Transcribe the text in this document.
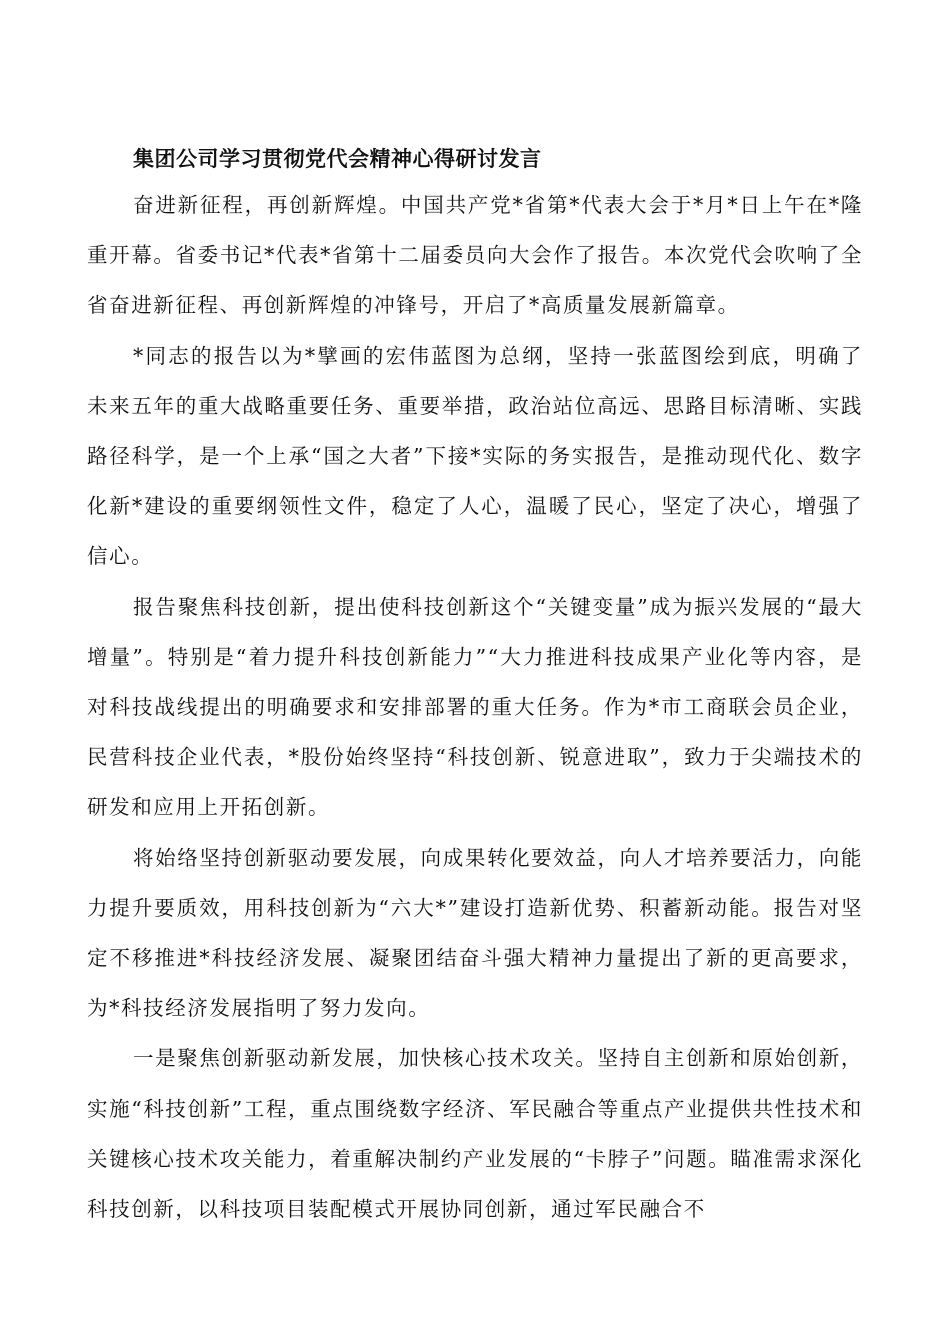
集团公司学习贯彻党代会精神心得研讨发言

奋进新征程，再创新辉煌。中国共产党*省第*代表大会于*月*日上午在*隆重开幕。省委书记*代表*省第十二届委员向大会作了报告。本次党代会吹响了全省奋进新征程、再创新辉煌的冲锋号，开启了*高质量发展新篇章。

*同志的报告以为*擘画的宏伟蓝图为总纲，坚持一张蓝图绘到底，明确了未来五年的重大战略重要任务、重要举措，政治站位高远、思路目标清晰、实践路径科学，是一个上承“国之大者”下接*实际的务实报告，是推动现代化、数字化新*建设的重要纲领性文件，稳定了人心，温暖了民心，坚定了决心，增强了信心。

报告聚焦科技创新，提出使科技创新这个“关键变量”成为振兴发展的“最大增量”。特别是“着力提升科技创新能力”“大力推进科技成果产业化等内容，是对科技战线提出的明确要求和安排部署的重大任务。作为*市工商联会员企业，民营科技企业代表，*股份始终坚持“科技创新、锐意进取”，致力于尖端技术的研发和应用上开拓创新。

将始络坚持创新驱动要发展，向成果转化要效益，向人才培养要活力，向能力提升要质效，用科技创新为“六大*”建设打造新优势、积蓄新动能。报告对坚定不移推进*科技经济发展、凝聚团结奋斗强大精神力量提出了新的更高要求，为*科技经济发展指明了努力发向。

一是聚焦创新驱动新发展，加快核心技术攻关。坚持自主创新和原始创新，实施“科技创新”工程，重点围绕数字经济、军民融合等重点产业提供共性技术和关键核心技术攻关能力，着重解决制约产业发展的“卡脖子”问题。瞄准需求深化科技创新，以科技项目装配模式开展协同创新，通过军民融合不
